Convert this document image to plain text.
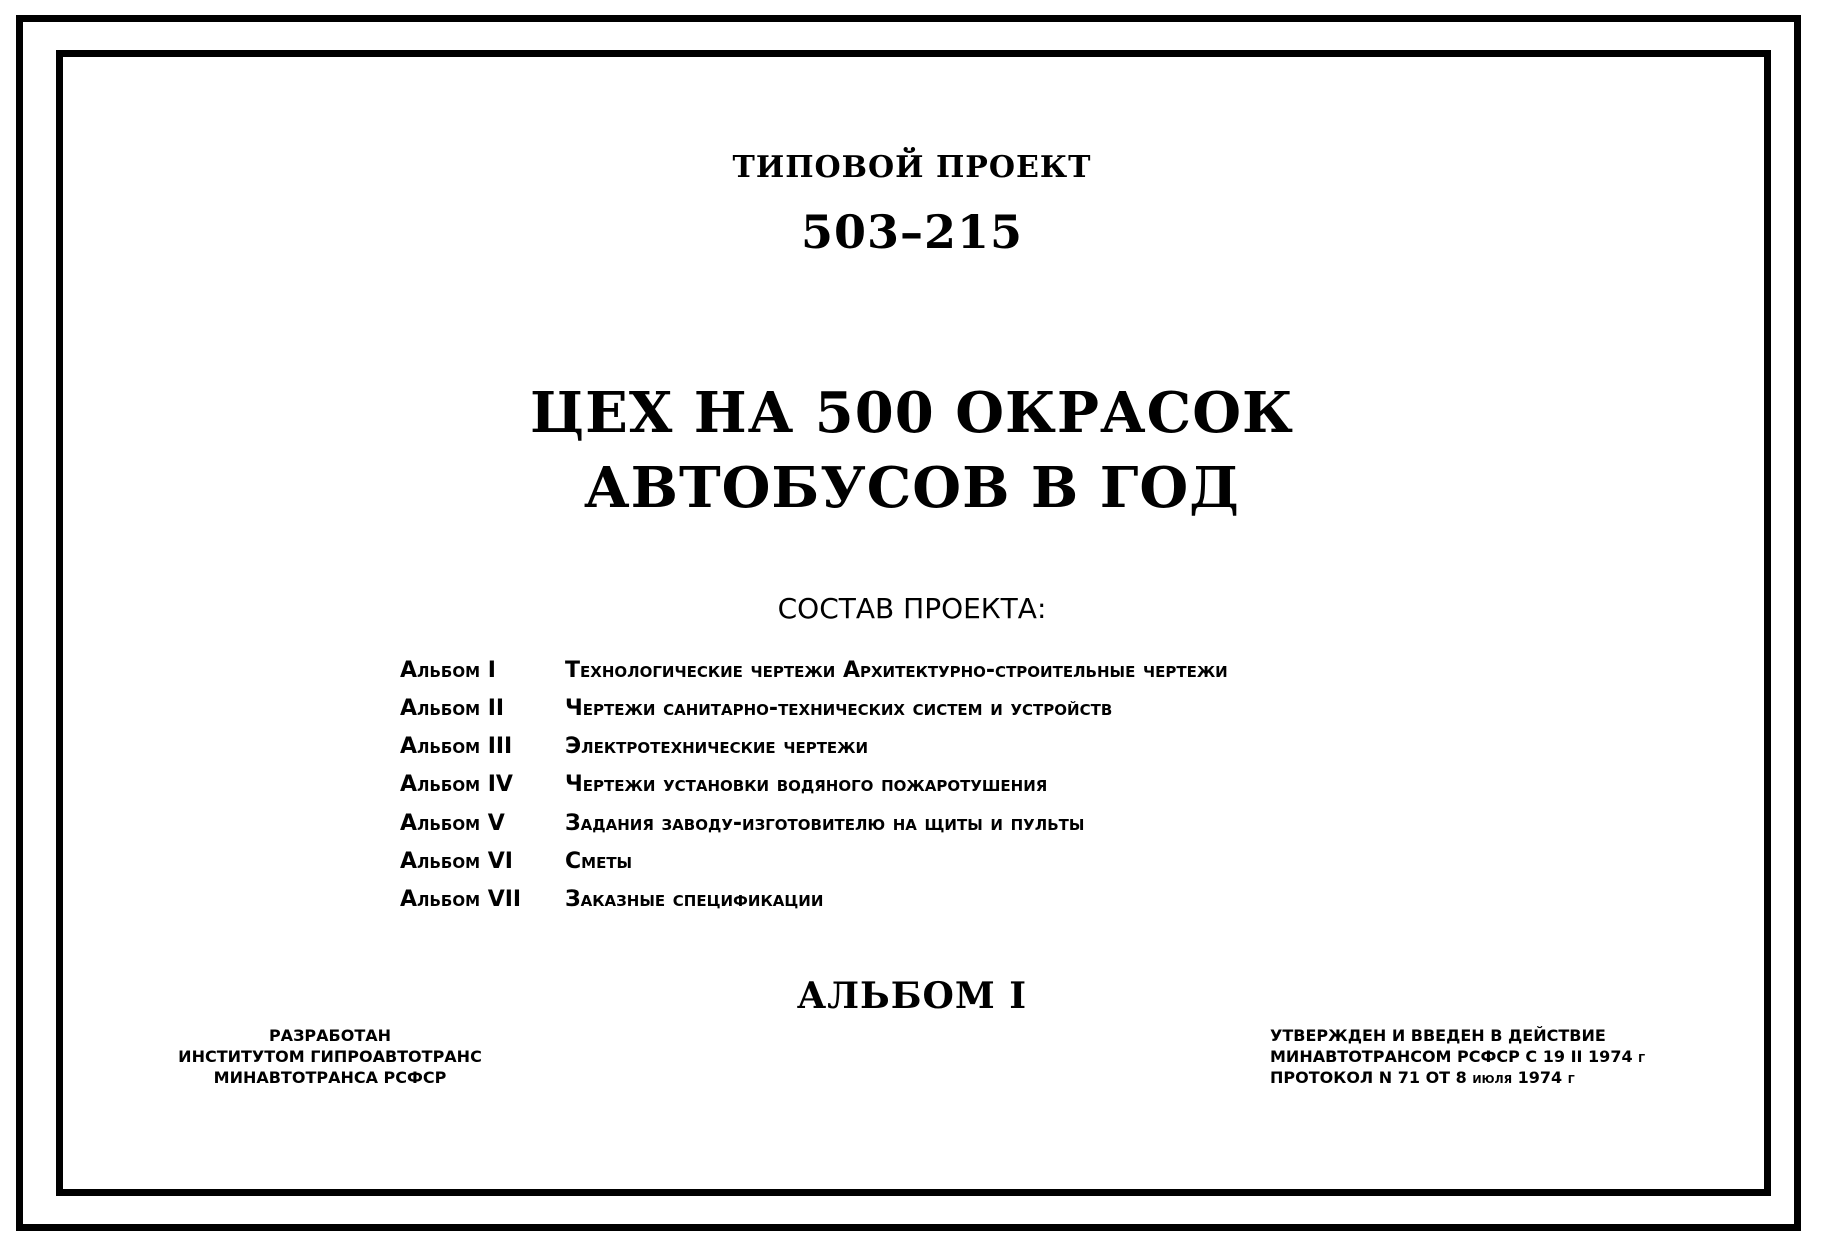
ТИПОВОЙ ПРОЕКТ
503–215
ЦЕХ НА 500 ОКРАСОК
АВТОБУСОВ В ГОД
СОСТАВ ПРОЕКТА:
Альбом I	Технологические чертежи Архитектурно-строительные чертежи
Альбом II	Чертежи санитарно-технических систем и устройств
Альбом III Электротехнические чертежи
Альбом IV Чертежи установки водяного пожаротушения
Альбом V	Задания заводу-изготовителю на щиты и пульты
Альбом VI Сметы
Альбом VII Заказные спецификации
АЛЬБОМ I
РАЗРАБОТАН
ИНСТИТУТОМ ГИПРОАВТОТРАНС
МИНАВТОТРАНСА РСФСР
УТВЕРЖДЕН И ВВЕДЕН В ДЕЙСТВИЕ
МИНАВТОТРАНСОМ РСФСР С 19 II 1974 г
ПРОТОКОЛ N 71 ОТ 8 июля 1974 г
